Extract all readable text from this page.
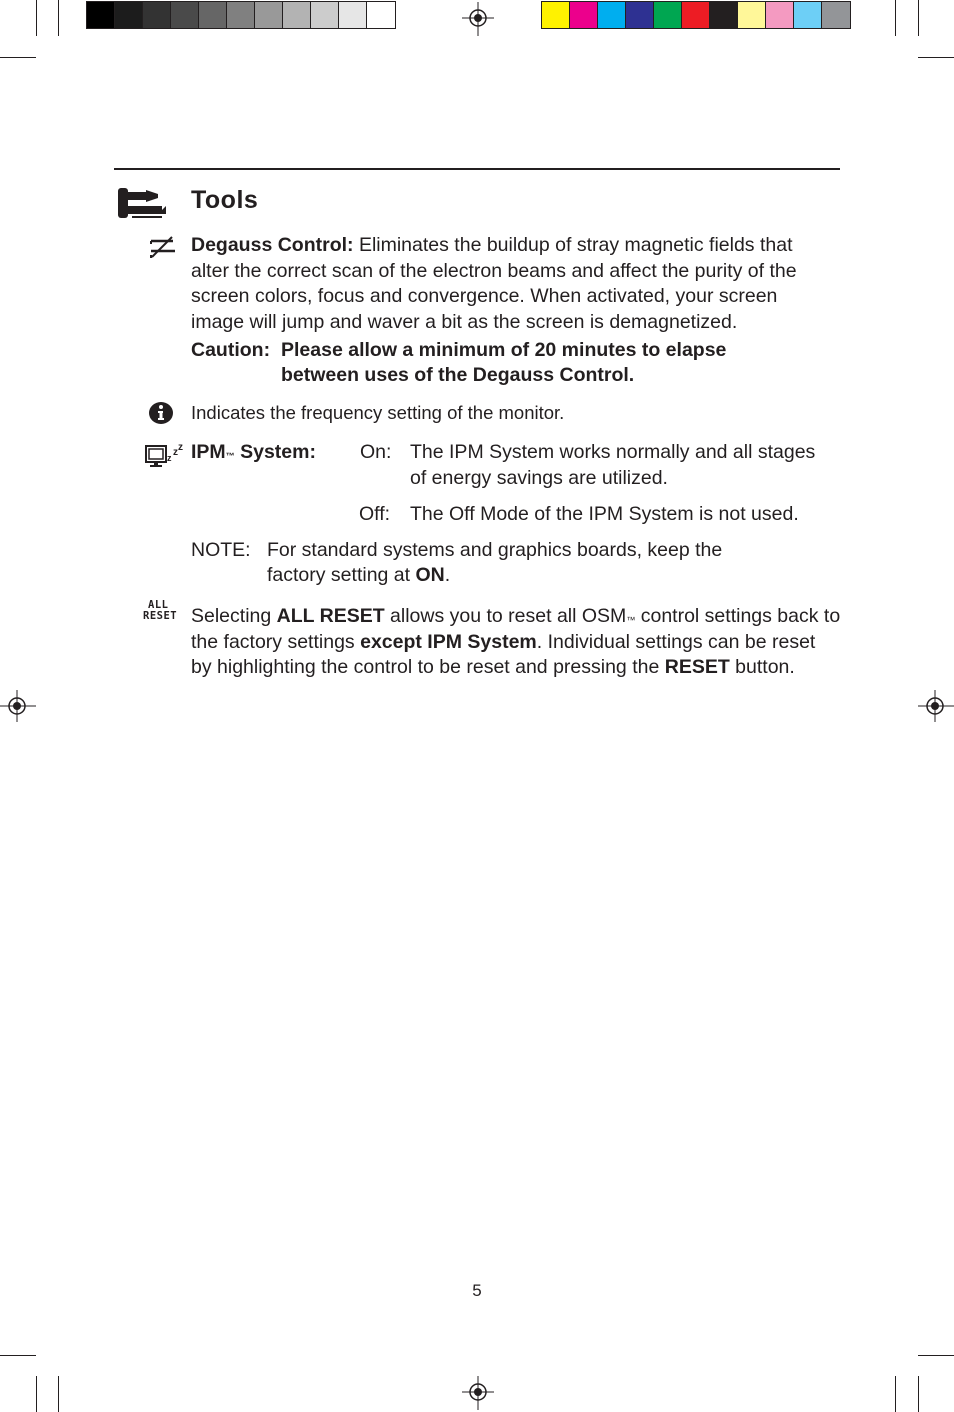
Tools
Degauss Control: Eliminates the buildup of stray magnetic fields that
alter the correct scan of the electron beams and affect the purity of the
screen colors, focus and convergence. When activated, your screen
image will jump and waver a bit as the screen is demagnetized.
Caution: Please allow a minimum of 20 minutes to elapse
between uses of the Degauss Control.
Indicates the frequency setting of the monitor.
z z z IPM™ System: On: The IPM System works normally and all stages
of energy savings are utilized.
Off: The Off Mode of the IPM System is not used.
NOTE: For standard systems and graphics boards, keep the
factory setting at ON.
ALL
RESET Selecting ALL RESET allows you to reset all OSM™ control settings back to
the factory settings except IPM System. Individual settings can be reset
by highlighting the control to be reset and pressing the RESET button.
5
